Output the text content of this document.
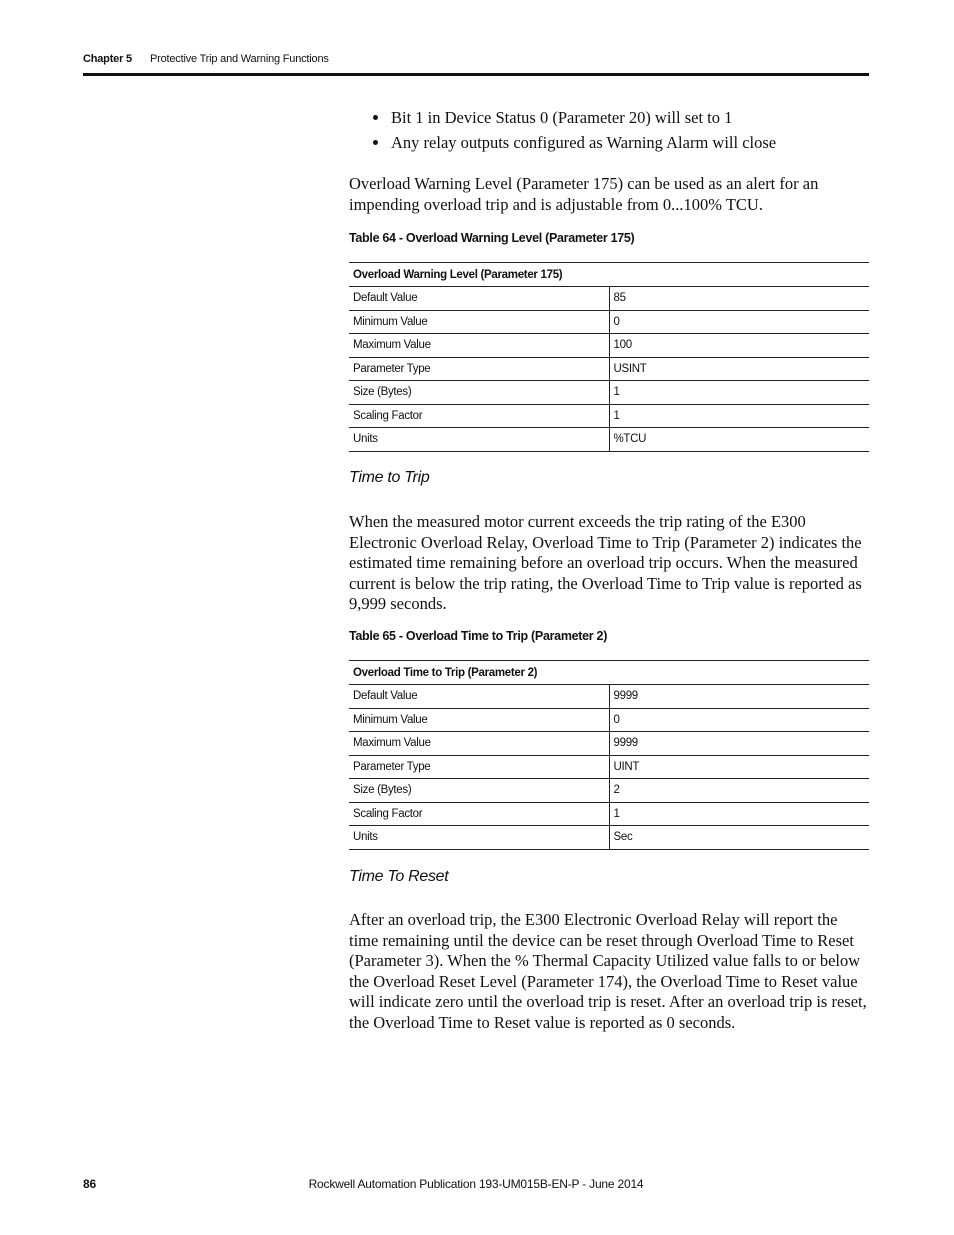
Chapter 5 Protective Trip and Warning Functions
Bit 1 in Device Status 0 (Parameter 20) will set to 1
Any relay outputs configured as Warning Alarm will close

Overload Warning Level (Parameter 175) can be used as an alert for an impending overload trip and is adjustable from 0...100% TCU.

Table 64 - Overload Warning Level (Parameter 175)
Overload Warning Level (Parameter 175)	
Default Value	85
Minimum Value	0
Maximum Value	100
Parameter Type	USINT
Size (Bytes)	1
Scaling Factor	1
Units	%TCU
Time to Trip

When the measured motor current exceeds the trip rating of the E300 Electronic Overload Relay, Overload Time to Trip (Parameter 2) indicates the estimated time remaining before an overload trip occurs. When the measured current is below the trip rating, the Overload Time to Trip value is reported as 9,999 seconds.

Table 65 - Overload Time to Trip (Parameter 2)
Overload Time to Trip (Parameter 2)	
Default Value	9999
Minimum Value	0
Maximum Value	9999
Parameter Type	UINT
Size (Bytes)	2
Scaling Factor	1
Units	Sec
Time To Reset

After an overload trip, the E300 Electronic Overload Relay will report the time remaining until the device can be reset through Overload Time to Reset (Parameter 3). When the % Thermal Capacity Utilized value falls to or below the Overload Reset Level (Parameter 174), the Overload Time to Reset value will indicate zero until the overload trip is reset. After an overload trip is reset, the Overload Time to Reset value is reported as 0 seconds.

86	Rockwell Automation Publication 193-UM015B-EN-P - June 2014
